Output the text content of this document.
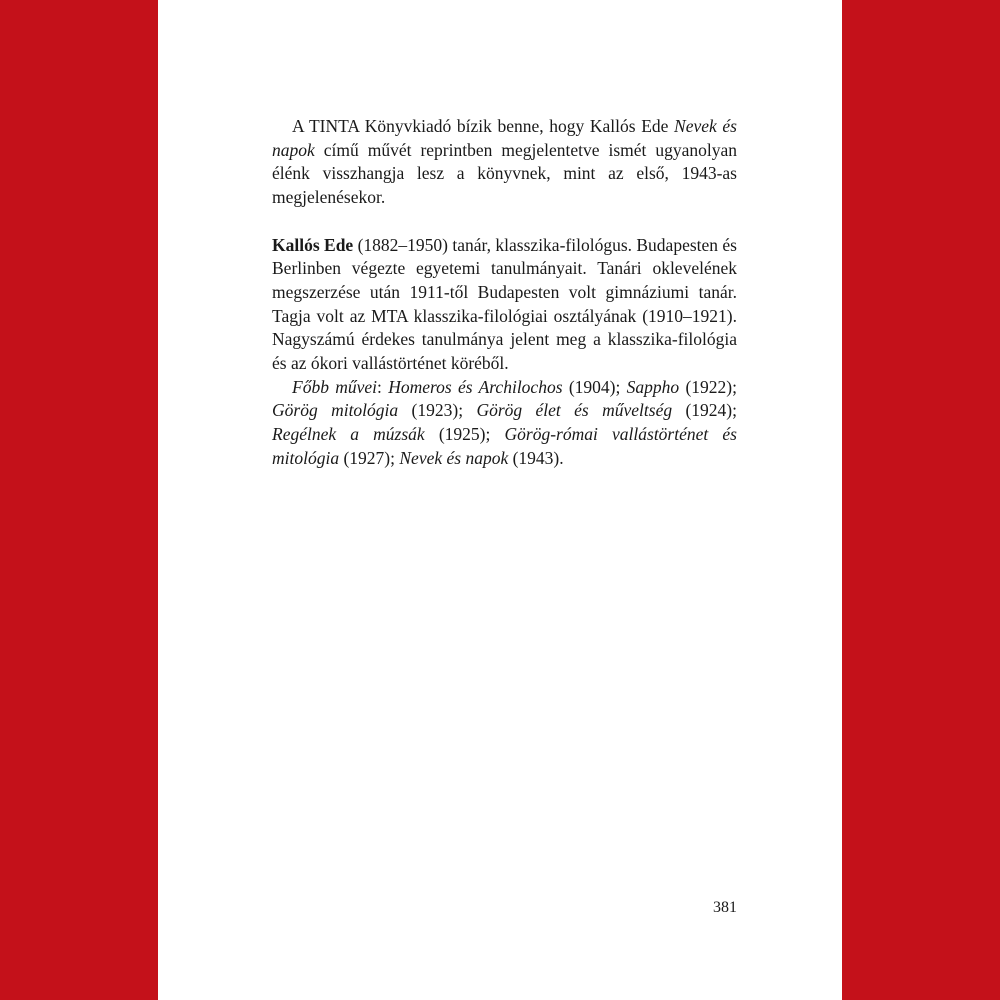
A TINTA Könyvkiadó bízik benne, hogy Kallós Ede Nevek és napok című művét reprintben megjelentetve ismét ugyanolyan élénk visszhangja lesz a könyvnek, mint az első, 1943-as megjelenésekor.

Kallós Ede (1882–1950) tanár, klasszika-filológus. Budapesten és Berlinben végezte egyetemi tanulmányait. Tanári oklevelének megszerzése után 1911-től Budapesten volt gimnáziumi tanár. Tagja volt az MTA klasszika-filológiai osztályának (1910–1921). Nagyszámú érdekes tanulmánya jelent meg a klasszika-filológia és az ókori vallástörténet köréből.

Főbb művei: Homeros és Archilochos (1904); Sappho (1922); Görög mitológia (1923); Görög élet és műveltség (1924); Regélnek a múzsák (1925); Görög-római vallástörténet és mitológia (1927); Nevek és napok (1943).

381
